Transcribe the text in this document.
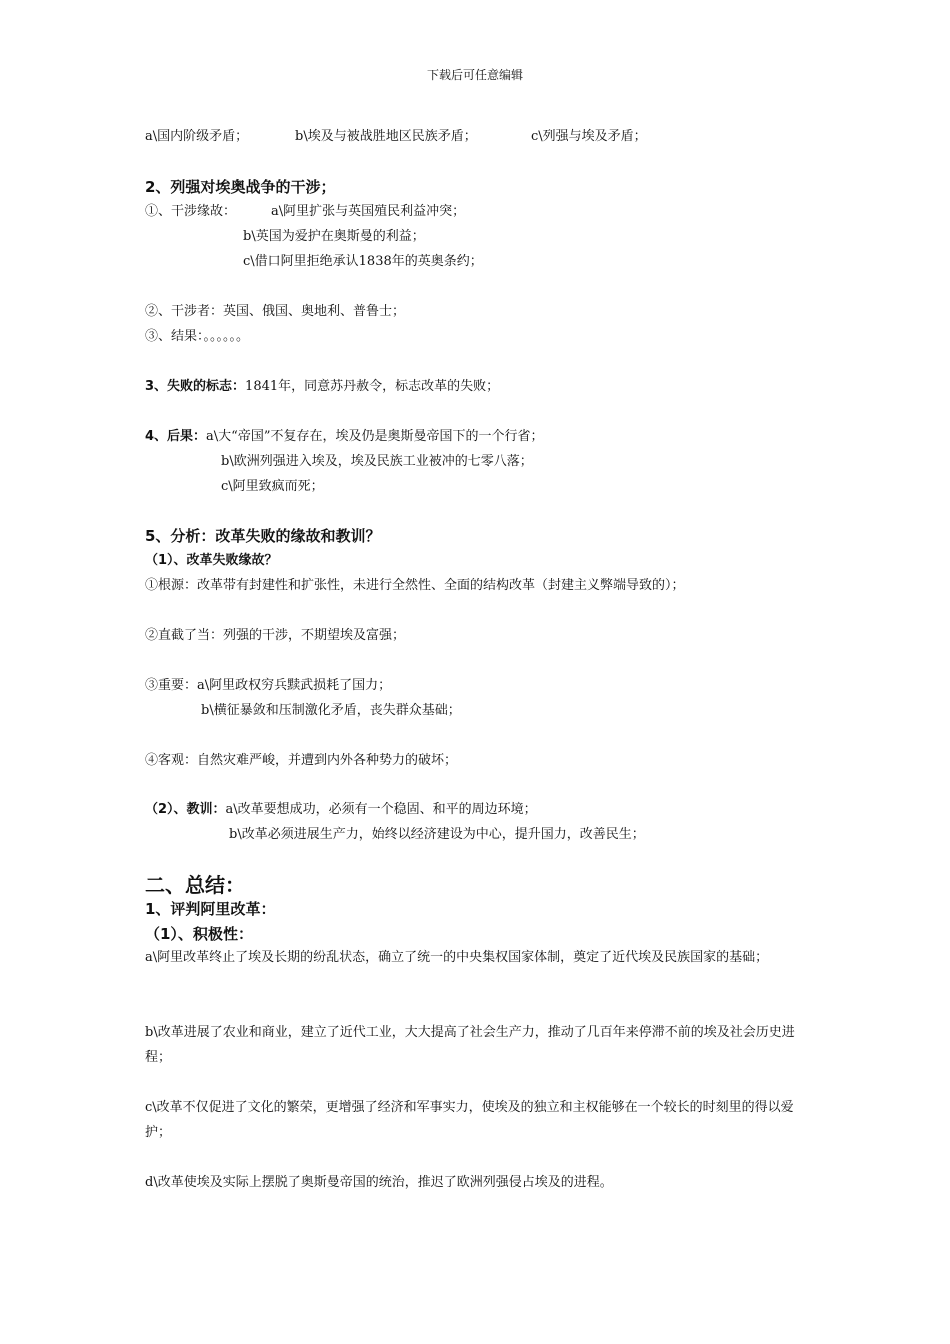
下载后可任意编辑
a\国内阶级矛盾；	b\埃及与被战胜地区民族矛盾；	c\列强与埃及矛盾；
2、列强对埃奥战争的干涉；
①、干涉缘故：	a\阿里扩张与英国殖民利益冲突；
b\英国为爱护在奥斯曼的利益；
c\借口阿里拒绝承认1838年的英奥条约；
②、干涉者：英国、俄国、奥地利、普鲁士；
③、结果：。。。。。。
3、失败的标志：1841年，同意苏丹赦令，标志改革的失败；
4、后果：a\大“帝国”不复存在，埃及仍是奥斯曼帝国下的一个行省；
b\欧洲列强进入埃及，埃及民族工业被冲的七零八落；
c\阿里致疯而死；
5、分析：改革失败的缘故和教训？
（1）、改革失败缘故？
①根源：改革带有封建性和扩张性，未进行全然性、全面的结构改革（封建主义弊端导致的）；
②直截了当：列强的干涉，不期望埃及富强；
③重要：a\阿里政权穷兵黩武损耗了国力；
b\横征暴敛和压制激化矛盾，丧失群众基础；
④客观：自然灾难严峻，并遭到内外各种势力的破坏；
（2）、教训：a\改革要想成功，必须有一个稳固、和平的周边环境；
b\改革必须进展生产力，始终以经济建设为中心，提升国力，改善民生；
二、总结：
1、评判阿里改革：
（1）、积极性：
a\阿里改革终止了埃及长期的纷乱状态，确立了统一的中央集权国家体制，奠定了近代埃及民族国家的基础；
b\改革进展了农业和商业，建立了近代工业，大大提高了社会生产力，推动了几百年来停滞不前的埃及社会历史进程；
c\改革不仅促进了文化的繁荣，更增强了经济和军事实力，使埃及的独立和主权能够在一个较长的时刻里的得以爱护；
d\改革使埃及实际上摆脱了奥斯曼帝国的统治，推迟了欧洲列强侵占埃及的进程。
